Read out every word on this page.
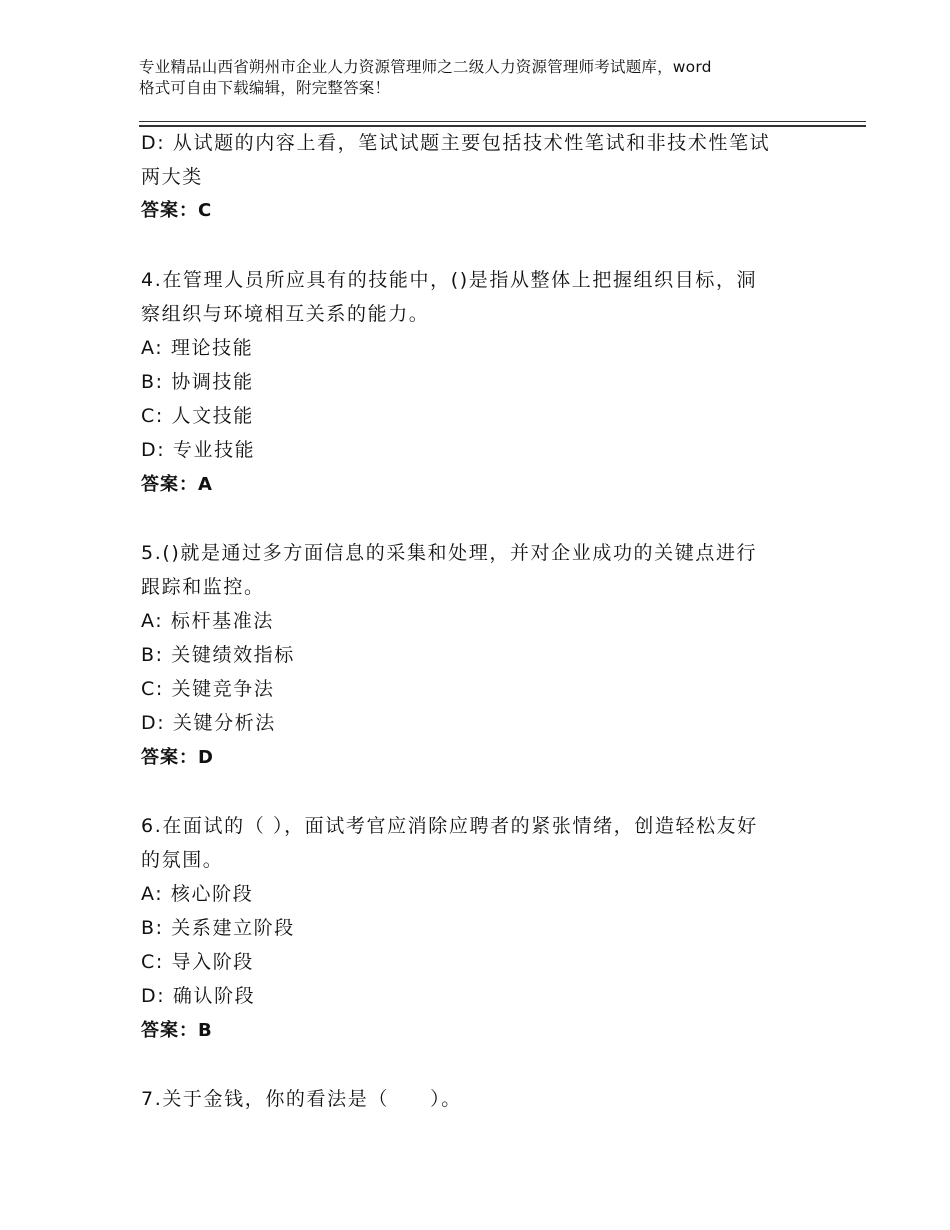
专业精品山西省朔州市企业人力资源管理师之二级人力资源管理师考试题库，word
格式可自由下载编辑，附完整答案！
D: 从试题的内容上看，笔试试题主要包括技术性笔试和非技术性笔试
两大类
答案：C
4.在管理人员所应具有的技能中，()是指从整体上把握组织目标，洞
察组织与环境相互关系的能力。
A: 理论技能
B: 协调技能
C: 人文技能
D: 专业技能
答案：A
5.()就是通过多方面信息的采集和处理，并对企业成功的关键点进行
跟踪和监控。
A: 标杆基准法
B: 关键绩效指标
C: 关键竞争法
D: 关键分析法
答案：D
6.在面试的（ ），面试考官应消除应聘者的紧张情绪，创造轻松友好
的氛围。
A: 核心阶段
B: 关系建立阶段
C: 导入阶段
D: 确认阶段
答案：B
7.关于金钱，你的看法是（　　）。
